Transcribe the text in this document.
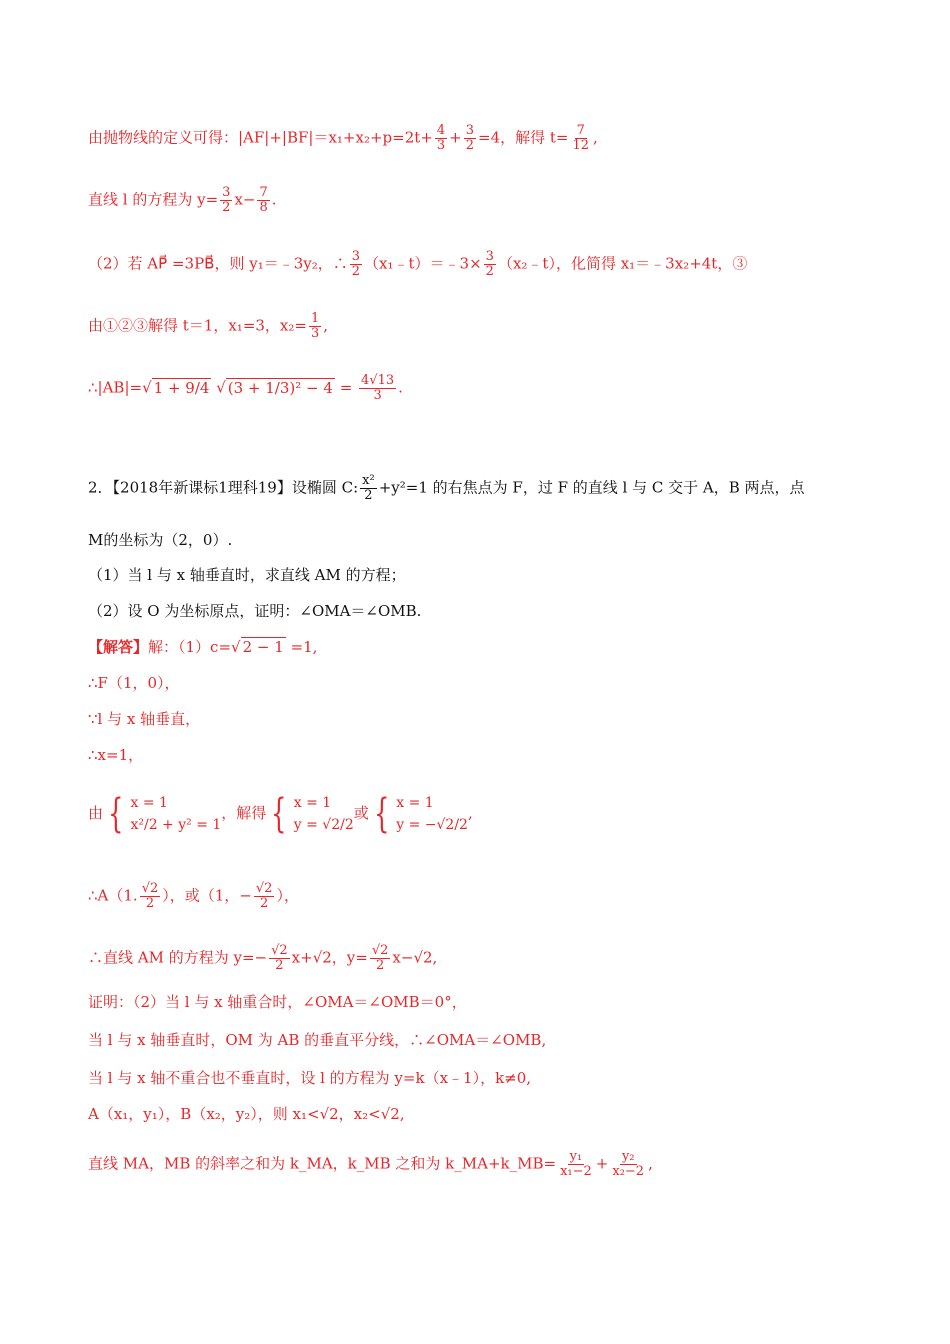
由抛物线的定义可得：$|AF|+|BF|=x_1+x_2+p=2t+ \frac{4}{3} + \frac{3}{2} =4$，解得 $t= \frac{7}{12}$ ,
直线 l 的方程为 $y= \frac{3}{2} x- \frac{7}{8}$ .
（2）若 AP⃗ =3PB⃗，则 y₁＝﹣3y₂，∴ $\frac{3}{2}$ （x₁﹣t）＝﹣3× $\frac{3}{2}$ （x₂﹣t），化简得 x₁＝﹣3x₂+4t，③
由①②③解得 t＝1，x₁=3，$x_2= \frac{1}{3}$ ,
∴|AB|=√ 1 + 9/4 √ $(3 + 1/3)^2 - 4 = \frac{4√13}{3}$ .
2．【2018年新课标1理科19】设椭圆 C: $\frac{\text{x²}}{2} +y^2=1$ 的右焦点为 F，过 F 的直线 l 与 C 交于 A，B 两点，点
M的坐标为（2，0）.
（1）当 l 与 x 轴垂直时，求直线 AM 的方程；
（2）设 O 为坐标原点，证明：∠OMA＝∠OMB.
【解答】解：（1）c=√ 2 − 1 =1,
∴F（1，0），
∵l 与 x 轴垂直，
∴x=1，
由 { x = 1
x²/2 + y² = 1
，解得 { x = 1
y = √2/2
或 { x = 1
y = −√2/2
,
∴A（1. $\frac{√2}{2}$ ），或（1，− $\frac{√2}{2}$ ），
∴直线 AM 的方程为 $y=- \frac{√2}{2} x+√2$，$y= \frac{√2}{2} x-√2$,
证明：（2）当 l 与 x 轴重合时，∠OMA＝∠OMB＝0°，
当 l 与 x 轴垂直时，OM 为 AB 的垂直平分线，∴∠OMA＝∠OMB,
当 l 与 x 轴不重合也不垂直时，设 l 的方程为 y=k（x﹣1），k≠0,
A（x₁，y₁），B（x₂，y₂），则 x₁<√2，x₂<√2,
直线 MA，MB 的斜率之和为 k_MA，k_MB 之和为 k_MA+k_MB= $\frac{\text{y₁}}{\text{x₁−2}} + \frac{\text{y₂}}{\text{x₂−2}}$ ,
